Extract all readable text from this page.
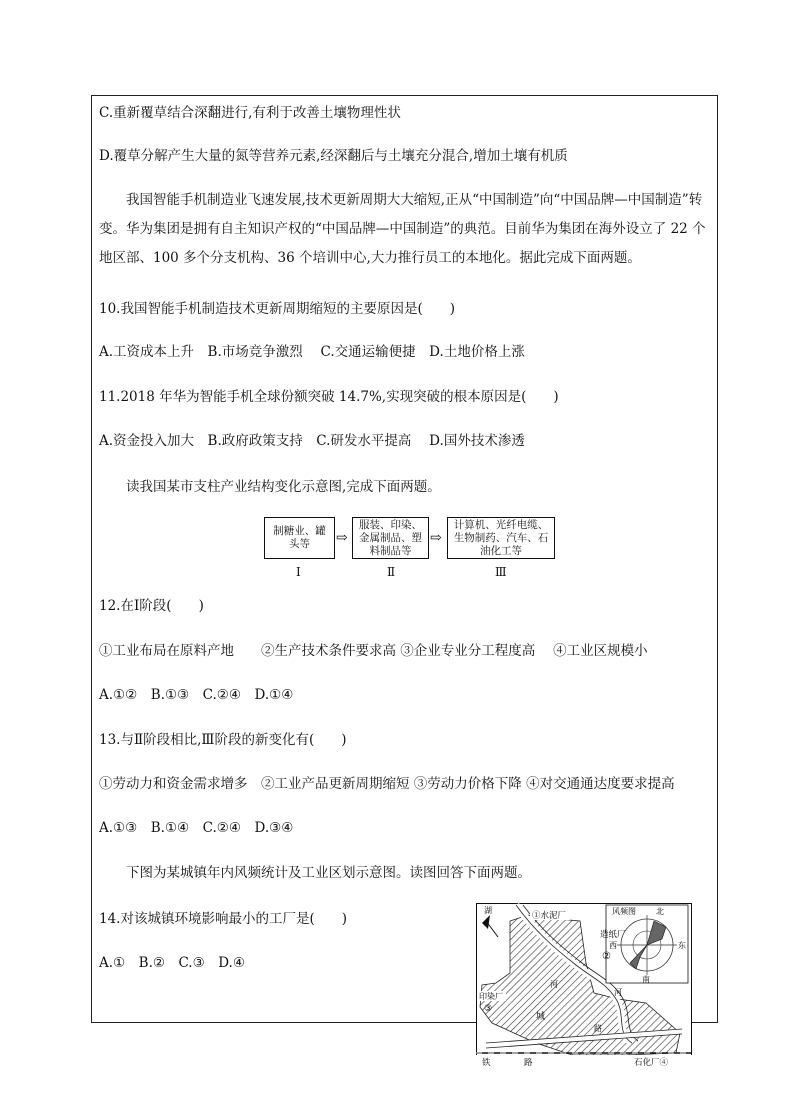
C.重新覆草结合深翻进行,有利于改善土壤物理性状
D.覆草分解产生大量的氮等营养元素,经深翻后与土壤充分混合,增加土壤有机质
我国智能手机制造业飞速发展,技术更新周期大大缩短,正从“中国制造”向“中国品牌—中国制造”转变。华为集团是拥有自主知识产权的“中国品牌—中国制造”的典范。目前华为集团在海外设立了 22 个地区部、100 多个分支机构、36 个培训中心,大力推行员工的本地化。据此完成下面两题。
10.我国智能手机制造技术更新周期缩短的主要原因是(　　)
A.工资成本上升　B.市场竞争激烈　 C.交通运输便捷　D.土地价格上涨
11.2018 年华为智能手机全球份额突破 14.7%,实现突破的根本原因是(　　)
A.资金投入加大　B.政府政策支持　C.研发水平提高　 D.国外技术渗透
读我国某市支柱产业结构变化示意图,完成下面两题。
制糖业、罐头等	⇨
服装、印染、金属制品、塑料制品等
⇨
计算机、光纤电缆、生物制药、汽车、石油化工等
Ⅰ	Ⅱ	Ⅲ
12.在Ⅰ阶段(　　)
①工业布局在原料产地　　②生产技术条件要求高 ③企业专业分工程度高　 ④工业区规模小
A.①②　B.①③　C.②④　D.①④
13.与Ⅱ阶段相比,Ⅲ阶段的新变化有(　　)
①劳动力和资金需求增多　②工业产品更新周期缩短 ③劳动力价格下降 ④对交通通达度要求提高
A.①③　B.①④　C.②④　D.③④
下图为某城镇年内风频统计及工业区划示意图。读图回答下面两题。
14.对该城镇环境影响最小的工厂是(　　)
A.①　B.②　C.③　D.④
湖	风频图	北
东
南
西
①水泥厂
造纸厂
②
印染厂
③
河
河
城
路
铁	路	石化厂④
